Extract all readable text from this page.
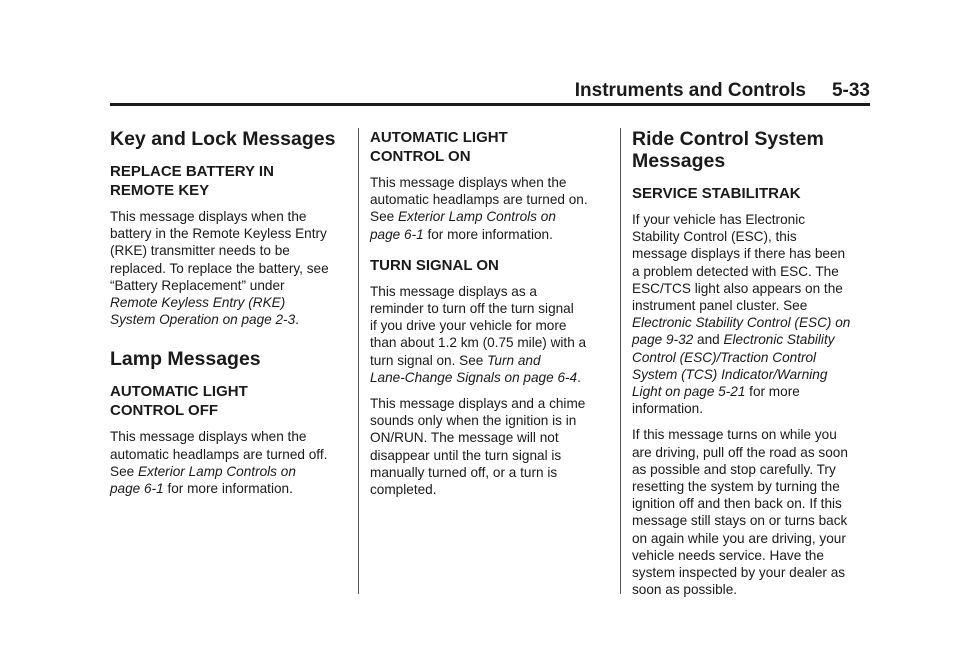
Instruments and Controls 5-33
Key and Lock Messages
REPLACE BATTERY IN
REMOTE KEY
This message displays when the
battery in the Remote Keyless Entry
(RKE) transmitter needs to be
replaced. To replace the battery, see
“Battery Replacement” under
Remote Keyless Entry (RKE)
System Operation on page 2‑3.
Lamp Messages
AUTOMATIC LIGHT
CONTROL OFF
This message displays when the
automatic headlamps are turned off.
See Exterior Lamp Controls on
page 6‑1 for more information.
AUTOMATIC LIGHT
CONTROL ON
This message displays when the
automatic headlamps are turned on.
See Exterior Lamp Controls on
page 6‑1 for more information.
TURN SIGNAL ON
This message displays as a
reminder to turn off the turn signal
if you drive your vehicle for more
than about 1.2 km (0.75 mile) with a
turn signal on. See Turn and
Lane‑Change Signals on page 6‑4.
This message displays and a chime
sounds only when the ignition is in
ON/RUN. The message will not
disappear until the turn signal is
manually turned off, or a turn is
completed.
Ride Control System
Messages
SERVICE STABILITRAK
If your vehicle has Electronic
Stability Control (ESC), this
message displays if there has been
a problem detected with ESC. The
ESC/TCS light also appears on the
instrument panel cluster. See
Electronic Stability Control (ESC) on
page 9‑32 and Electronic Stability
Control (ESC)/Traction Control
System (TCS) Indicator/Warning
Light on page 5‑21 for more
information.
If this message turns on while you
are driving, pull off the road as soon
as possible and stop carefully. Try
resetting the system by turning the
ignition off and then back on. If this
message still stays on or turns back
on again while you are driving, your
vehicle needs service. Have the
system inspected by your dealer as
soon as possible.
